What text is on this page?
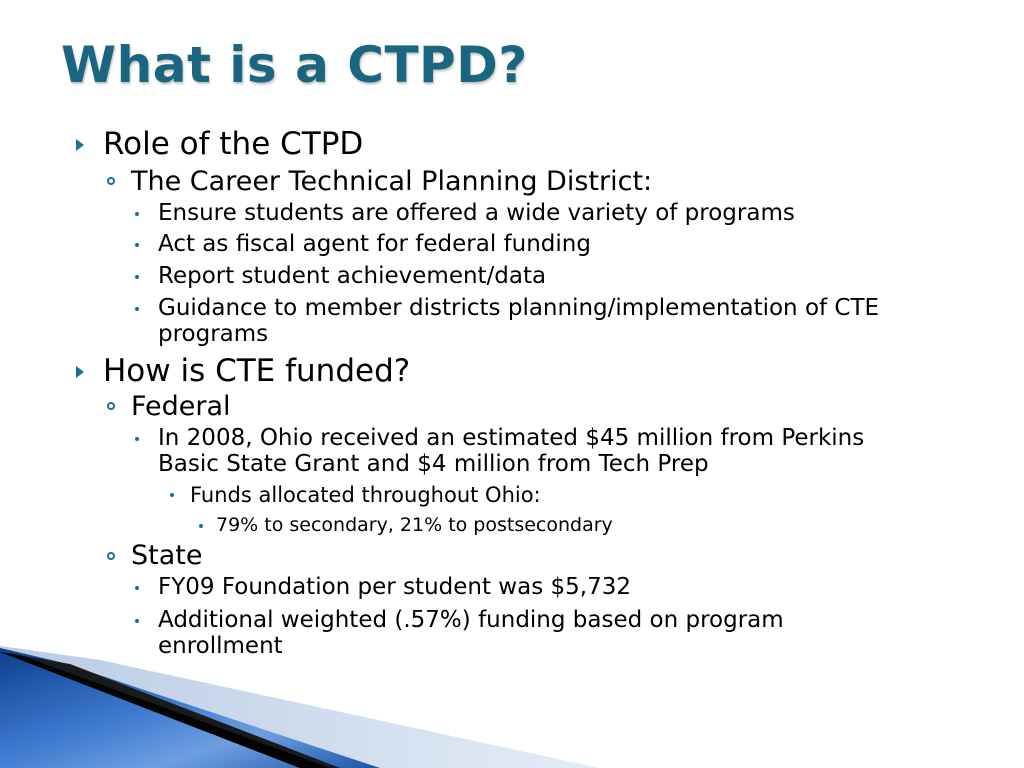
What is a CTPD?

Role of the CTPD

The Career Technical Planning District:

Ensure students are offered a wide variety of programs

Act as fiscal agent for federal funding

Report student achievement/data

Guidance to member districts planning/implementation of CTE

programs

How is CTE funded?

Federal

In 2008, Ohio received an estimated $45 million from Perkins

Basic State Grant and $4 million from Tech Prep

Funds allocated throughout Ohio:

79% to secondary, 21% to postsecondary

State

FY09 Foundation per student was $5,732

Additional weighted (.57%) funding based on program

enrollment
